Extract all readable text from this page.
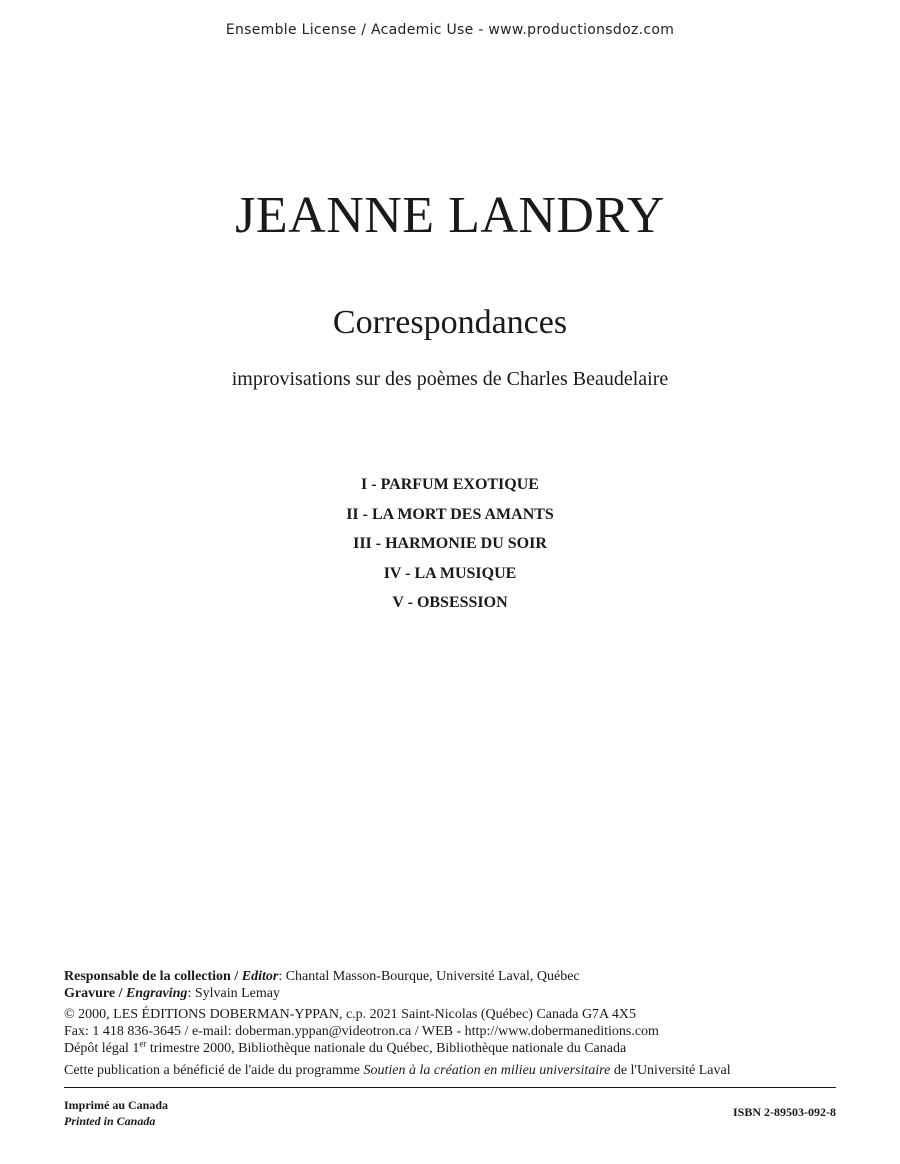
Ensemble License / Academic Use - www.productionsdoz.com
JEANNE LANDRY
Correspondances
improvisations sur des poèmes de Charles Beaudelaire
I - PARFUM EXOTIQUE
II - LA MORT DES AMANTS
III - HARMONIE DU SOIR
IV - LA MUSIQUE
V - OBSESSION
Responsable de la collection / Editor: Chantal Masson-Bourque, Université Laval, Québec
Gravure / Engraving: Sylvain Lemay
© 2000, LES ÉDITIONS DOBERMAN-YPPAN, c.p. 2021 Saint-Nicolas (Québec) Canada G7A 4X5
Fax: 1 418 836-3645 / e-mail: doberman.yppan@videotron.ca / WEB - http://www.dobermaneditions.com
Dépôt légal 1er trimestre 2000, Bibliothèque nationale du Québec, Bibliothèque nationale du Canada
Cette publication a bénéficié de l'aide du programme Soutien à la création en milieu universitaire de l'Université Laval
Imprimé au Canada
Printed in Canada
ISBN 2-89503-092-8
